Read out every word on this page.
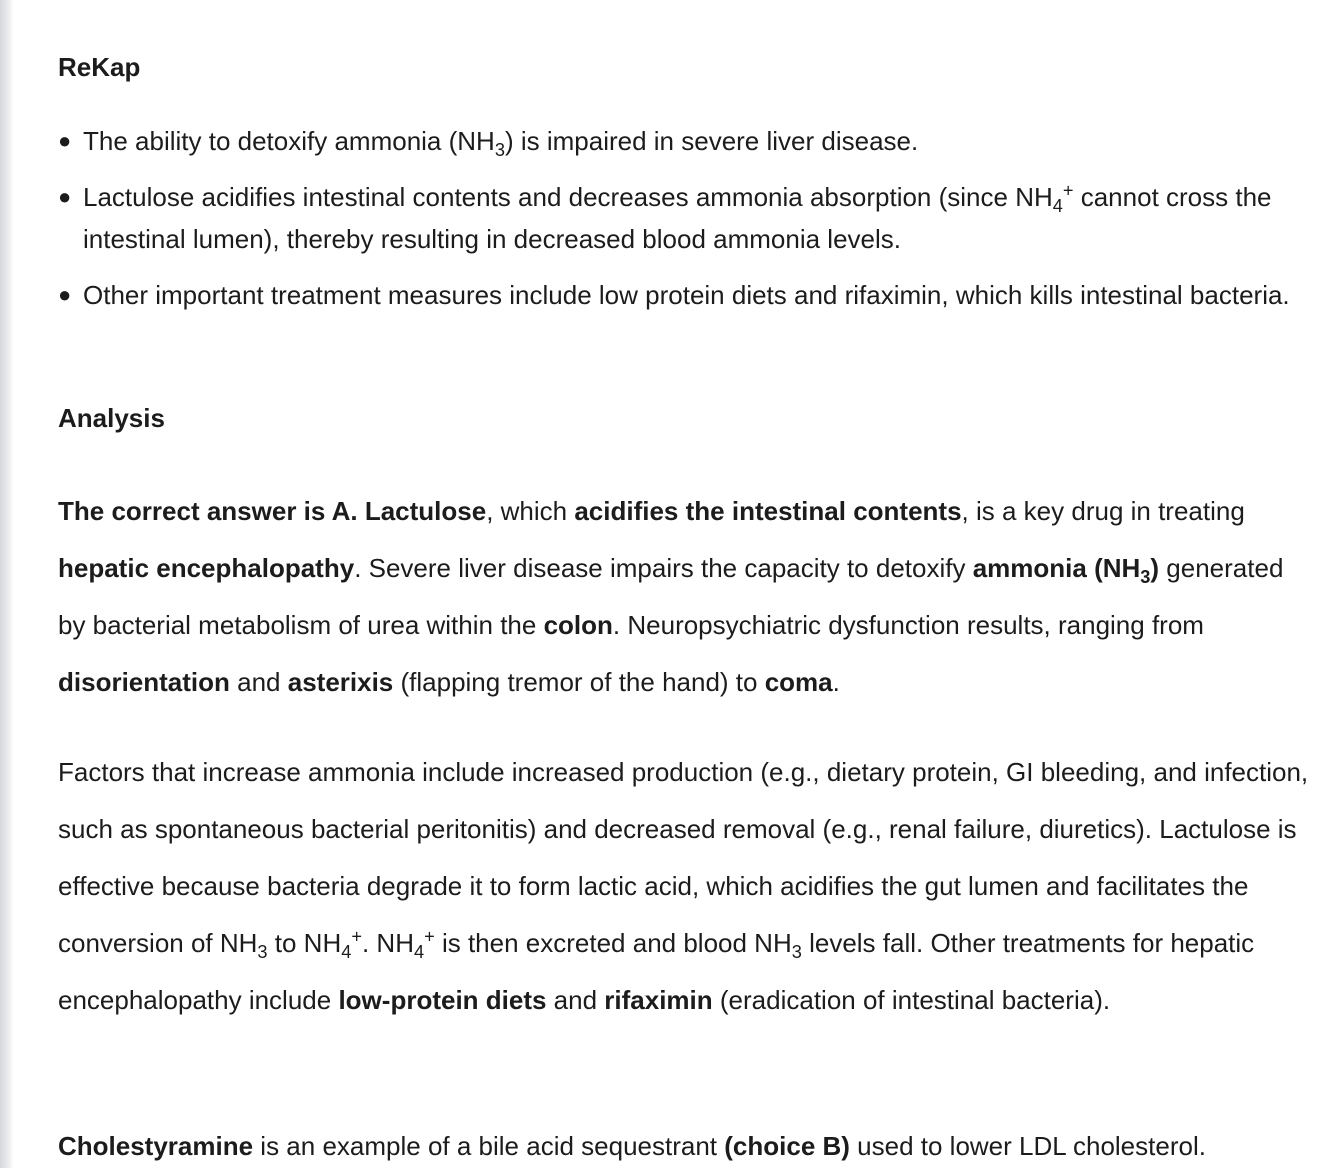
ReKap
● The ability to detoxify ammonia $(NH_3)$ is impaired in severe liver disease.
● Lactulose acidifies intestinal contents and decreases ammonia absorption (since $NH_4^+$ cannot cross the intestinal lumen), thereby resulting in decreased blood ammonia levels.
● Other important treatment measures include low protein diets and rifaximin, which kills intestinal bacteria.
Analysis

The correct answer is A. Lactulose, which acidifies the intestinal contents, is a key drug in treating hepatic encephalopathy. Severe liver disease impairs the capacity to detoxify ammonia $(NH_3)$ generated by bacterial metabolism of urea within the colon. Neuropsychiatric dysfunction results, ranging from disorientation and asterixis (flapping tremor of the hand) to coma.

Factors that increase ammonia include increased production (e.g., dietary protein, GI bleeding, and infection, such as spontaneous bacterial peritonitis) and decreased removal (e.g., renal failure, diuretics). Lactulose is effective because bacteria degrade it to form lactic acid, which acidifies the gut lumen and facilitates the conversion of $NH_3$ to $NH_4^+$. $NH_4^+$ is then excreted and blood $NH_3$ levels fall. Other treatments for hepatic encephalopathy include low-protein diets and rifaximin (eradication of intestinal bacteria).

Cholestyramine is an example of a bile acid sequestrant (choice B) used to lower LDL cholesterol.
